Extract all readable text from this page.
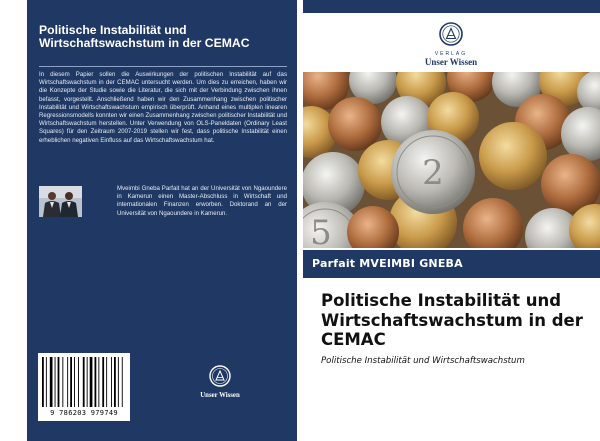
Politische Instabilität und Wirtschaftswachstum in der CEMAC

In diesem Papier sollen die Auswirkungen der politischen Instabilität auf das Wirtschaftswachstum in der CEMAC untersucht werden. Um dies zu erreichen, haben wir die Konzepte der Studie sowie die Literatur, die sich mit der Verbindung zwischen ihnen befasst, vorgestellt. Anschließend haben wir den Zusammenhang zwischen politischer Instabilität und Wirtschaftswachstum empirisch überprüft. Anhand eines multiplen linearen Regressionsmodells konnten wir einen Zusammenhang zwischen politischer Instabilität und Wirtschaftswachstum herstellen. Unter Verwendung von OLS-Paneldaten (Ordinary Least Squares) für den Zeitraum 2007-2019 stellen wir fest, dass politische Instabilität einen erheblichen negativen Einfluss auf das Wirtschaftswachstum hat.

Mveimbi Gneba Parfait hat an der Universität von Ngaoundere in Kamerun einen Master-Abschluss in Wirtschaft und internationalen Finanzen erworben. Doktorand an der Universität von Ngaoundere in Kamerun.

9 786203 979749
Unser Wissen
VERLAG
Unser Wissen
2
5
Parfait MVEIMBI GNEBA
Politische Instabilität und Wirtschaftswachstum in der CEMAC
Politische Instabilität und Wirtschaftswachstum
